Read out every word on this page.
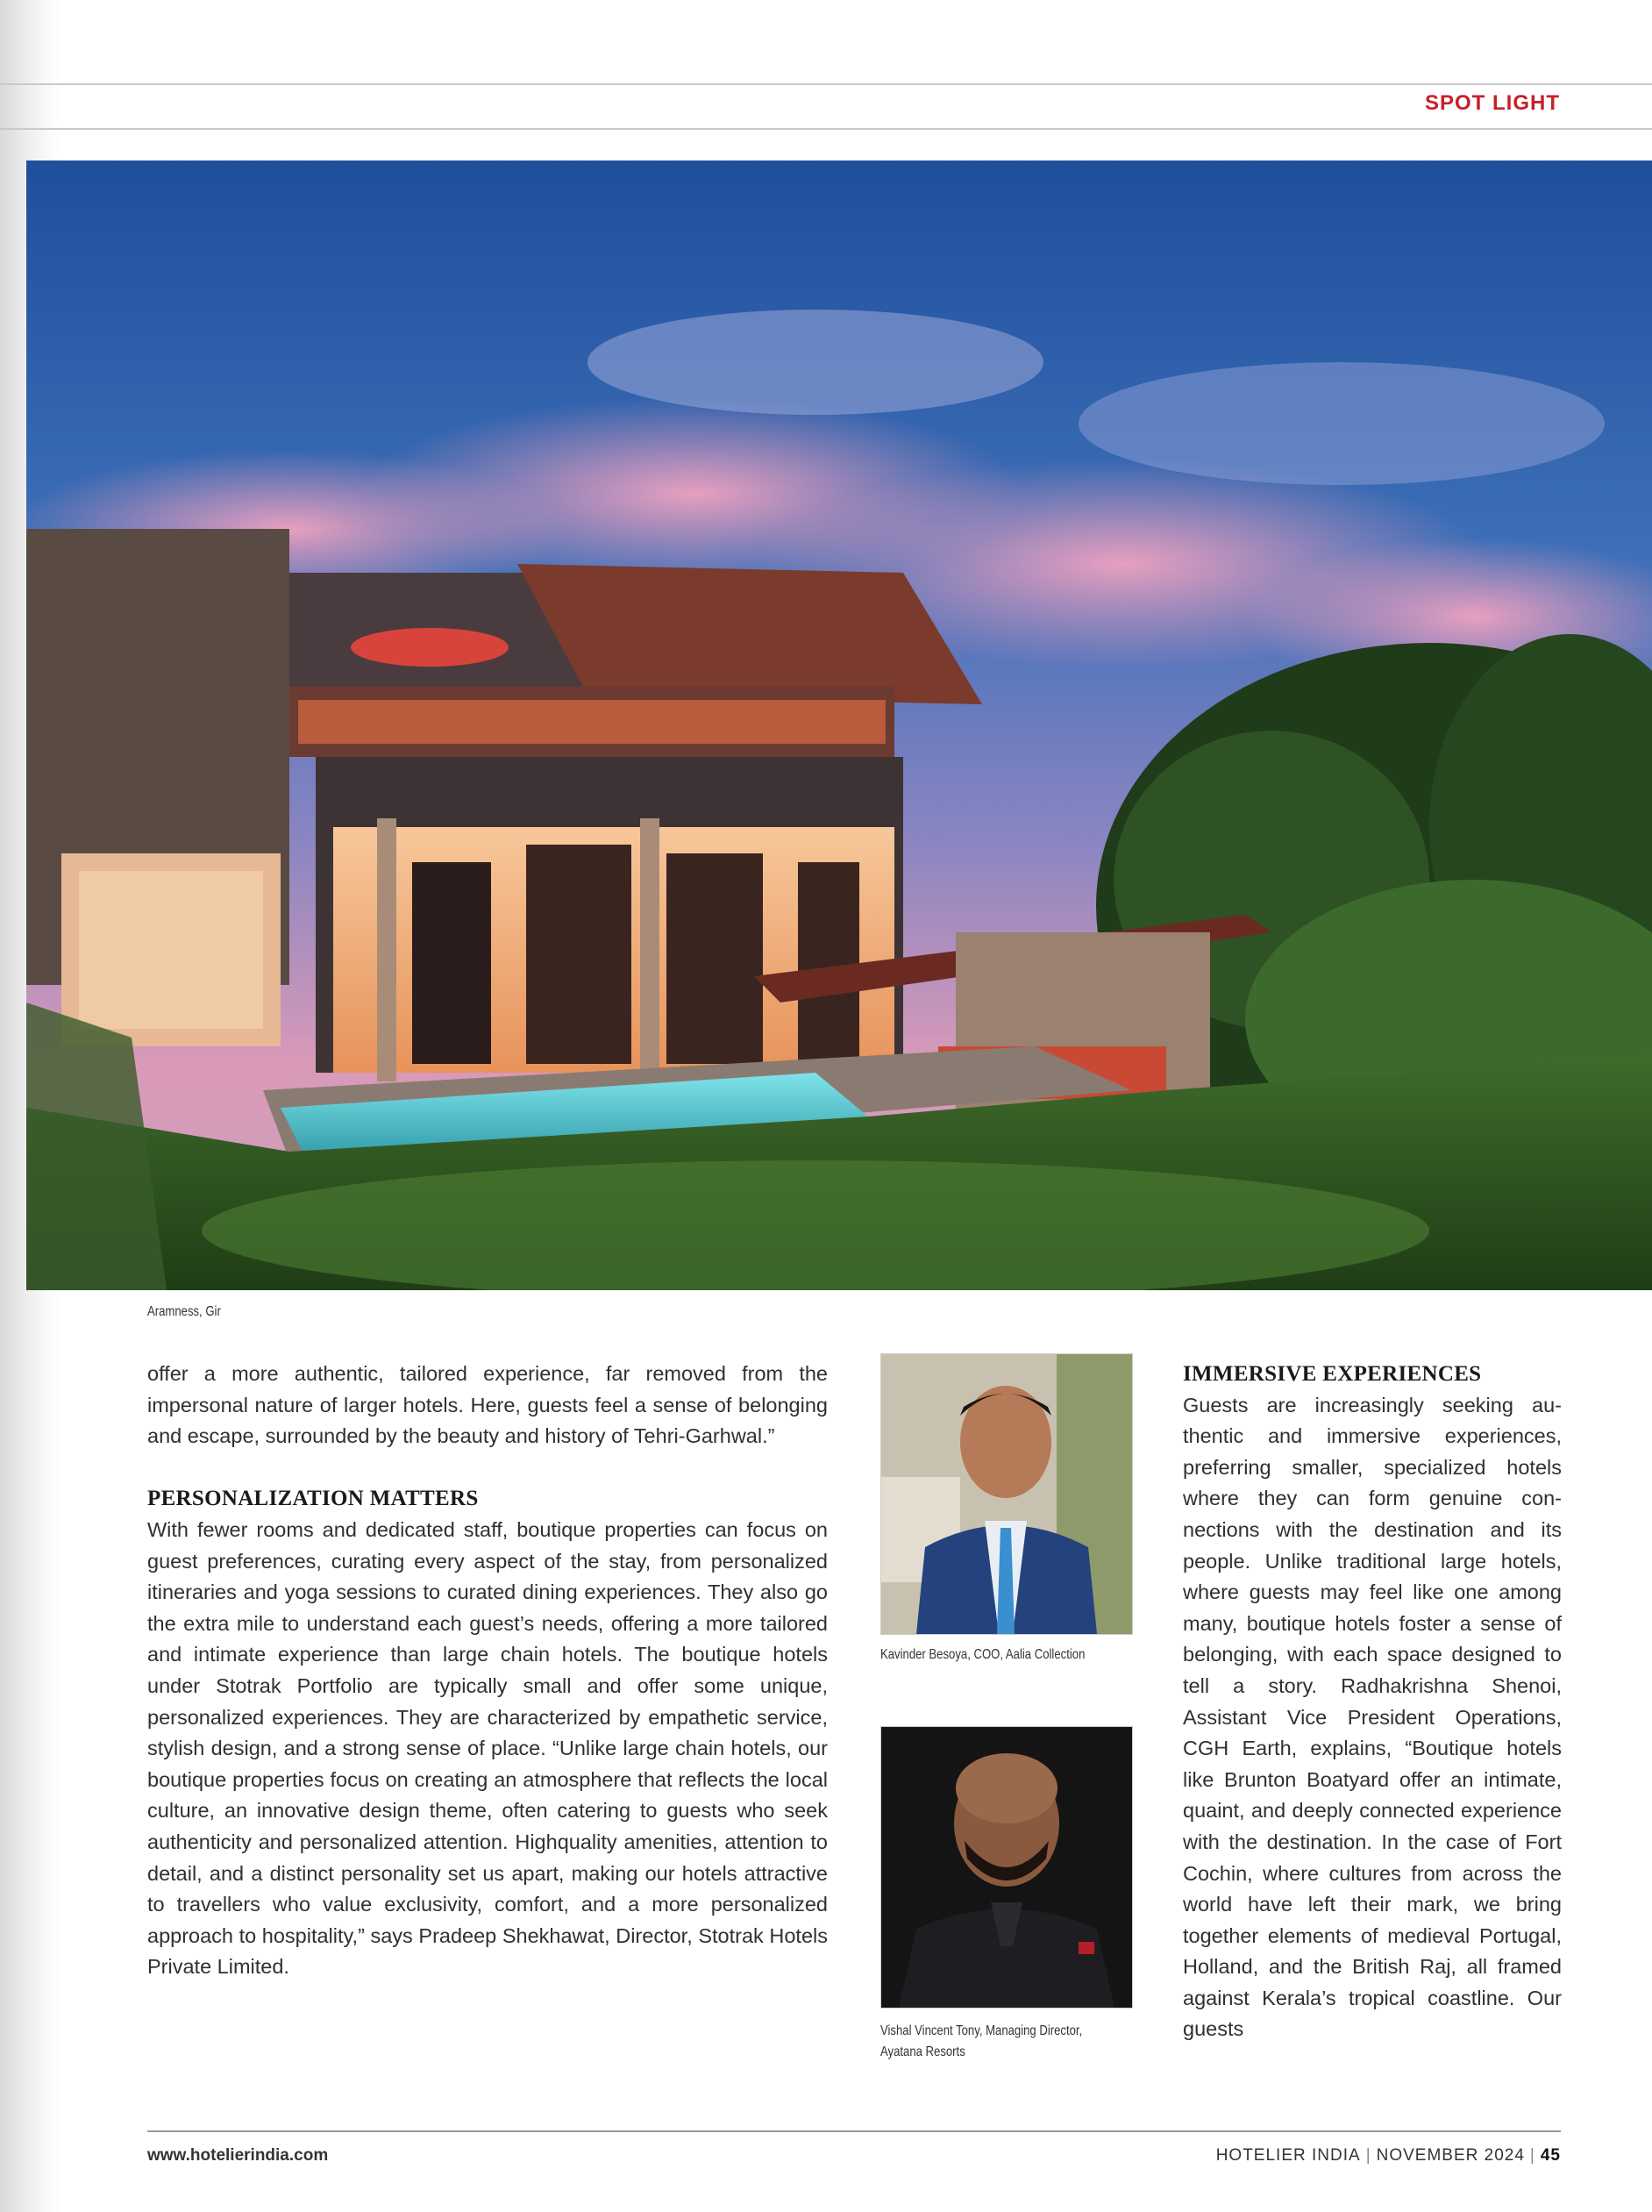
SPOT LIGHT
Aramness, Gir

offer a more authentic, tailored experience, far removed from the impersonal nature of larger hotels. Here, guests feel a sense of belonging and escape, surrounded by the beauty and history of Tehri-Garhwal.”

PERSONALIZATION MATTERS

With fewer rooms and dedicated staff, boutique properties can focus on guest preferences, curating every aspect of the stay, from personalized itineraries and yoga sessions to curated dining experiences. They also go the extra mile to understand each guest’s needs, offering a more tailored and intimate experience than large chain hotels. The boutique hotels under Stotrak Portfolio are typically small and offer some unique, personalized experiences. They are characterized by empathetic service, stylish design, and a strong sense of place. “Unlike large chain hotels, our boutique properties focus on creating an atmosphere that reflects the local culture, an innovative design theme, often catering to guests who seek authenticity and personalized attention. Highquality amenities, attention to detail, and a distinct personality set us apart, making our hotels attractive to travellers who value exclusivity, comfort, and a more personalized approach to hospitality,” says Pradeep Shekhawat, Director, Stotrak Hotels Private Limited.

Kavinder Besoya, COO, Aalia Collection
Vishal Vincent Tony, Managing Director, Ayatana Resorts
IMMERSIVE EXPERIENCES

Guests are increasingly seeking authentic and immersive experiences, preferring smaller, specialized hotels where they can form genuine connections with the destination and its people. Unlike traditional large hotels, where guests may feel like one among many, boutique hotels foster a sense of belonging, with each space designed to tell a story. Radhakrishna Shenoi, Assistant Vice President Operations, CGH Earth, explains, “Boutique hotels like Brunton Boatyard offer an intimate, quaint, and deeply connected experience with the destination. In the case of Fort Cochin, where cultures from across the world have left their mark, we bring together elements of medieval Portugal, Holland, and the British Raj, all framed against Kerala’s tropical coastline. Our guests

www.hotelierindia.com	HOTELIER INDIA | NOVEMBER 2024 | 45
